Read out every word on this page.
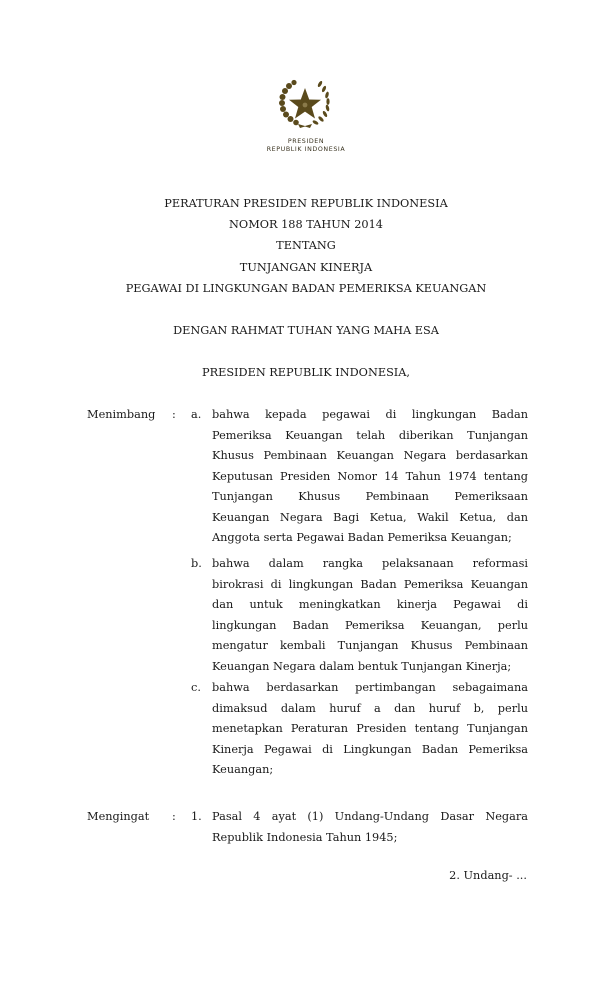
PRESIDEN
REPUBLIK INDONESIA
PERATURAN PRESIDEN REPUBLIK INDONESIA
NOMOR 188 TAHUN 2014
TENTANG
TUNJANGAN KINERJA
PEGAWAI DI LINGKUNGAN BADAN PEMERIKSA KEUANGAN
DENGAN RAHMAT TUHAN YANG MAHA ESA
PRESIDEN REPUBLIK INDONESIA,
Menimbang : a. bahwa kepada pegawai di lingkungan Badan
Pemeriksa Keuangan telah diberikan Tunjangan
Khusus Pembinaan Keuangan Negara berdasarkan
Keputusan Presiden Nomor 14 Tahun 1974 tentang
Tunjangan Khusus Pembinaan Pemeriksaan
Keuangan Negara Bagi Ketua, Wakil Ketua, dan
Anggota serta Pegawai Badan Pemeriksa Keuangan;
b. bahwa dalam rangka pelaksanaan reformasi
birokrasi di lingkungan Badan Pemeriksa Keuangan
dan untuk meningkatkan kinerja Pegawai di
lingkungan Badan Pemeriksa Keuangan, perlu
mengatur kembali Tunjangan Khusus Pembinaan
Keuangan Negara dalam bentuk Tunjangan Kinerja;
c. bahwa berdasarkan pertimbangan sebagaimana
dimaksud dalam huruf a dan huruf b, perlu
menetapkan Peraturan Presiden tentang Tunjangan
Kinerja Pegawai di Lingkungan Badan Pemeriksa
Keuangan;
Mengingat : 1. Pasal 4 ayat (1) Undang-Undang Dasar Negara
Republik Indonesia Tahun 1945;
2. Undang- ...
